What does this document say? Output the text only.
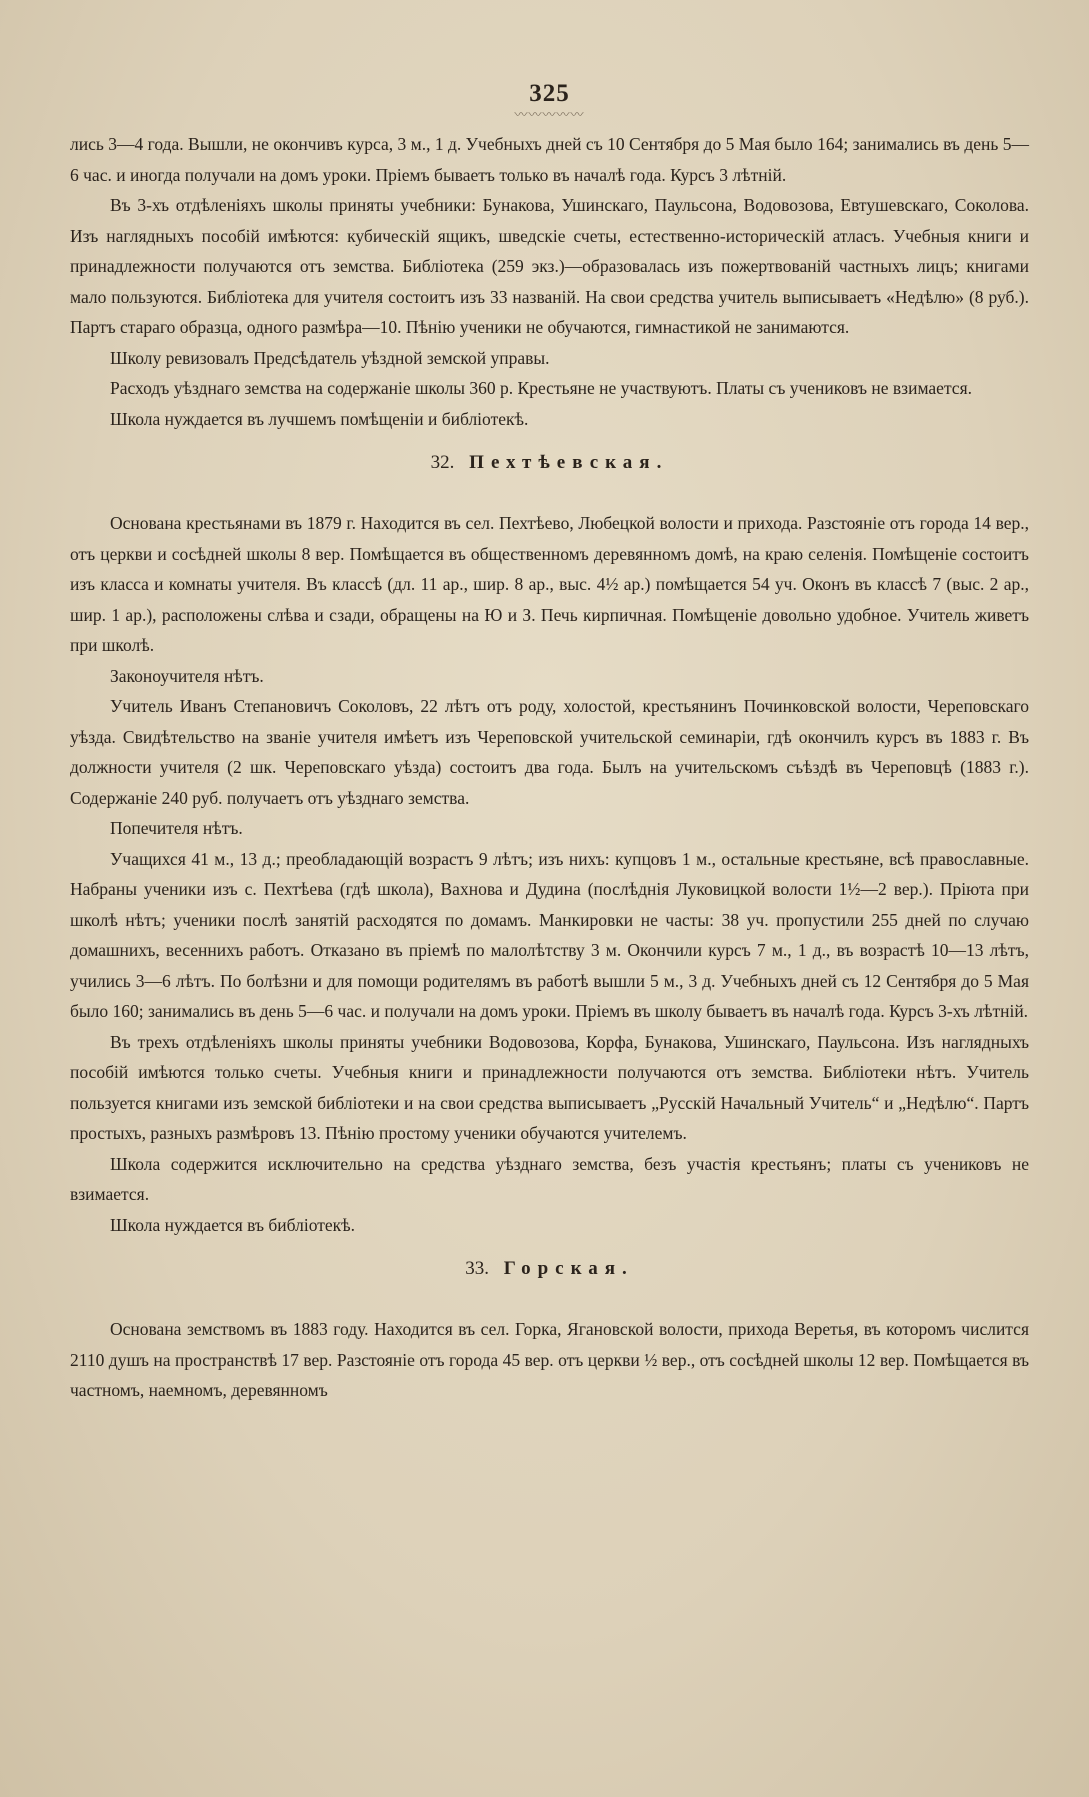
325
〰〰〰〰〰

лись 3—4 года. Вышли, не окончивъ курса, 3 м., 1 д. Учебныхъ дней съ 10 Сентября до 5 Мая было 164; занимались въ день 5—6 час. и иногда получали на домъ уроки. Пріемъ бываетъ только въ началѣ года. Курсъ 3 лѣтній.

Въ 3-хъ отдѣленіяхъ школы приняты учебники: Бунакова, Ушинскаго, Паульсона, Водовозова, Евтушевскаго, Соколова. Изъ наглядныхъ пособій имѣются: кубическій ящикъ, шведскіе счеты, естественно-историческій атласъ. Учебныя книги и принадлежности получаются отъ земства. Библіотека (259 экз.)—образовалась изъ пожертвованій частныхъ лицъ; книгами мало пользуются. Библіотека для учителя состоитъ изъ 33 названій. На свои средства учитель выписываетъ «Недѣлю» (8 руб.). Партъ стараго образца, одного размѣра—10. Пѣнію ученики не обучаются, гимнастикой не занимаются.

Школу ревизовалъ Предсѣдатель уѣздной земской управы.

Расходъ уѣзднаго земства на содержаніе школы 360 р. Крестьяне не участвуютъ. Платы съ учениковъ не взимается.

Школа нуждается въ лучшемъ помѣщеніи и библіотекѣ.

32. Пехтѣевская.

Основана крестьянами въ 1879 г. Находится въ сел. Пехтѣево, Любецкой волости и прихода. Разстояніе отъ города 14 вер., отъ церкви и сосѣдней школы 8 вер. Помѣщается въ общественномъ деревянномъ домѣ, на краю селенія. Помѣщеніе состоитъ изъ класса и комнаты учителя. Въ классѣ (дл. 11 ар., шир. 8 ар., выс. 4½ ар.) помѣщается 54 уч. Оконъ въ классѣ 7 (выс. 2 ар., шир. 1 ар.), расположены слѣва и сзади, обращены на Ю и З. Печь кирпичная. Помѣщеніе довольно удобное. Учитель живетъ при школѣ.

Законоучителя нѣтъ.

Учитель Иванъ Степановичъ Соколовъ, 22 лѣтъ отъ роду, холостой, крестьянинъ Починковской волости, Череповскаго уѣзда. Свидѣтельство на званіе учителя имѣетъ изъ Череповской учительской семинаріи, гдѣ окончилъ курсъ въ 1883 г. Въ должности учителя (2 шк. Череповскаго уѣзда) состоитъ два года. Былъ на учительскомъ съѣздѣ въ Череповцѣ (1883 г.). Содержаніе 240 руб. получаетъ отъ уѣзднаго земства.

Попечителя нѣтъ.

Учащихся 41 м., 13 д.; преобладающій возрастъ 9 лѣтъ; изъ нихъ: купцовъ 1 м., остальные крестьяне, всѣ православные. Набраны ученики изъ с. Пехтѣева (гдѣ школа), Вахнова и Дудина (послѣднія Луковицкой волости 1½—2 вер.). Пріюта при школѣ нѣтъ; ученики послѣ занятій расходятся по домамъ. Манкировки не часты: 38 уч. пропустили 255 дней по случаю домашнихъ, весеннихъ работъ. Отказано въ пріемѣ по малолѣтству 3 м. Окончили курсъ 7 м., 1 д., въ возрастѣ 10—13 лѣтъ, учились 3—6 лѣтъ. По болѣзни и для помощи родителямъ въ работѣ вышли 5 м., 3 д. Учебныхъ дней съ 12 Сентября до 5 Мая было 160; занимались въ день 5—6 час. и получали на домъ уроки. Пріемъ въ школу бываетъ въ началѣ года. Курсъ 3-хъ лѣтній.

Въ трехъ отдѣленіяхъ школы приняты учебники Водовозова, Корфа, Бунакова, Ушинскаго, Паульсона. Изъ наглядныхъ пособій имѣются только счеты. Учебныя книги и принадлежности получаются отъ земства. Библіотеки нѣтъ. Учитель пользуется книгами изъ земской библіотеки и на свои средства выписываетъ „Русскій Начальный Учитель“ и „Недѣлю“. Партъ простыхъ, разныхъ размѣровъ 13. Пѣнію простому ученики обучаются учителемъ.

Школа содержится исключительно на средства уѣзднаго земства, безъ участія крестьянъ; платы съ учениковъ не взимается.

Школа нуждается въ библіотекѣ.

33. Горская.

Основана земствомъ въ 1883 году. Находится въ сел. Горка, Ягановской волости, прихода Веретья, въ которомъ числится 2110 душъ на пространствѣ 17 вер. Разстояніе отъ города 45 вер. отъ церкви ½ вер., отъ сосѣдней школы 12 вер. Помѣщается въ частномъ, наемномъ, деревянномъ
